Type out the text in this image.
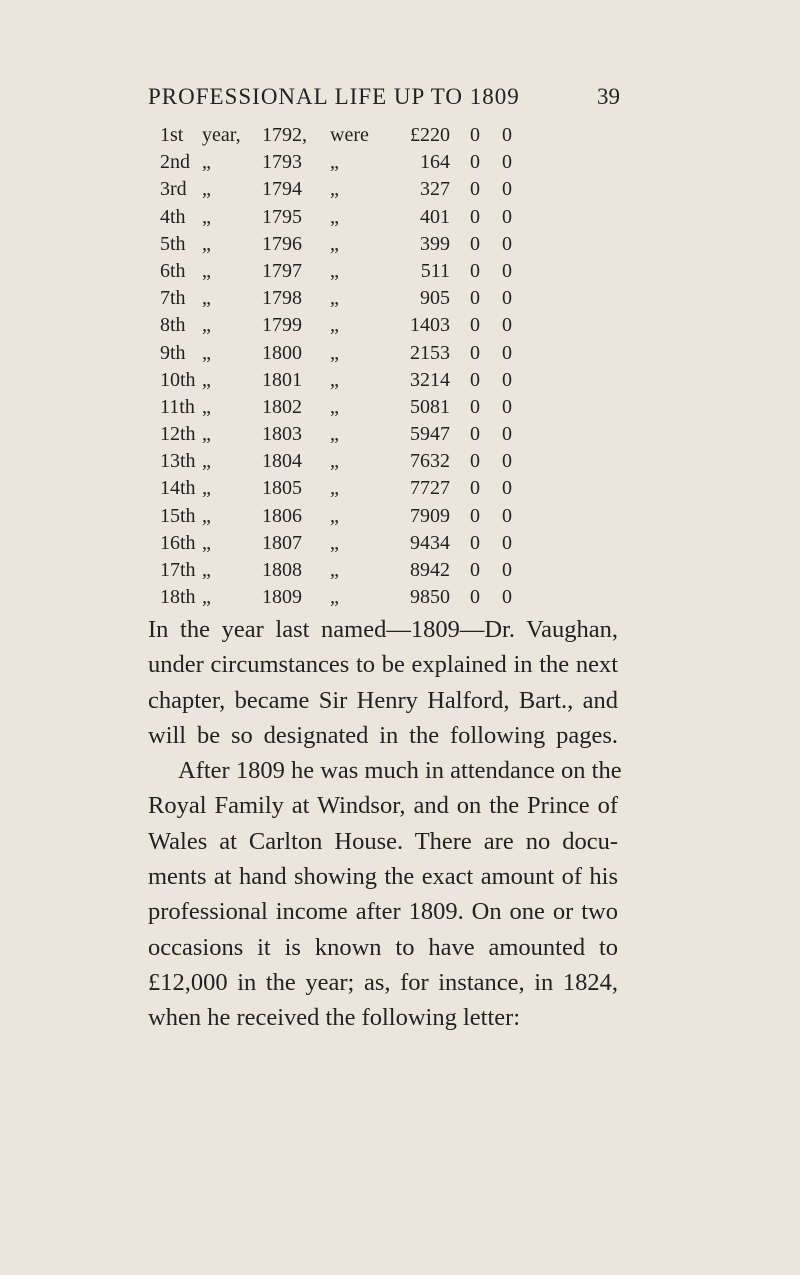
PROFESSIONAL LIFE UP TO 1809	39
1st year, 1792, were	£220 0 0
2nd „	1793 „	164 0 0
3rd „	1794 „	327 0 0
4th „	1795 „	401 0 0
5th „	1796 „	399 0 0
6th „	1797 „	511 0 0
7th „	1798 „	905 0 0
8th „	1799 „	1403 0 0
9th „	1800 „	2153 0 0
10th „	1801 „	3214 0 0
11th „	1802 „	5081 0 0
12th „	1803 „	5947 0 0
13th „	1804 „	7632 0 0
14th „	1805 „	7727 0 0
15th „	1806 „	7909 0 0
16th „	1807 „	9434 0 0
17th „	1808 „	8942 0 0
18th „	1809 „	9850 0 0
In the year last named—1809—Dr. Vaughan,
under circumstances to be explained in the next
chapter, became Sir Henry Halford, Bart., and
will be so designated in the following pages.
After 1809 he was much in attendance on the
Royal Family at Windsor, and on the Prince of
Wales at Carlton House. There are no docu-
ments at hand showing the exact amount of his
professional income after 1809. On one or two
occasions it is known to have amounted to
£12,000 in the year; as, for instance, in 1824,
when he received the following letter:
